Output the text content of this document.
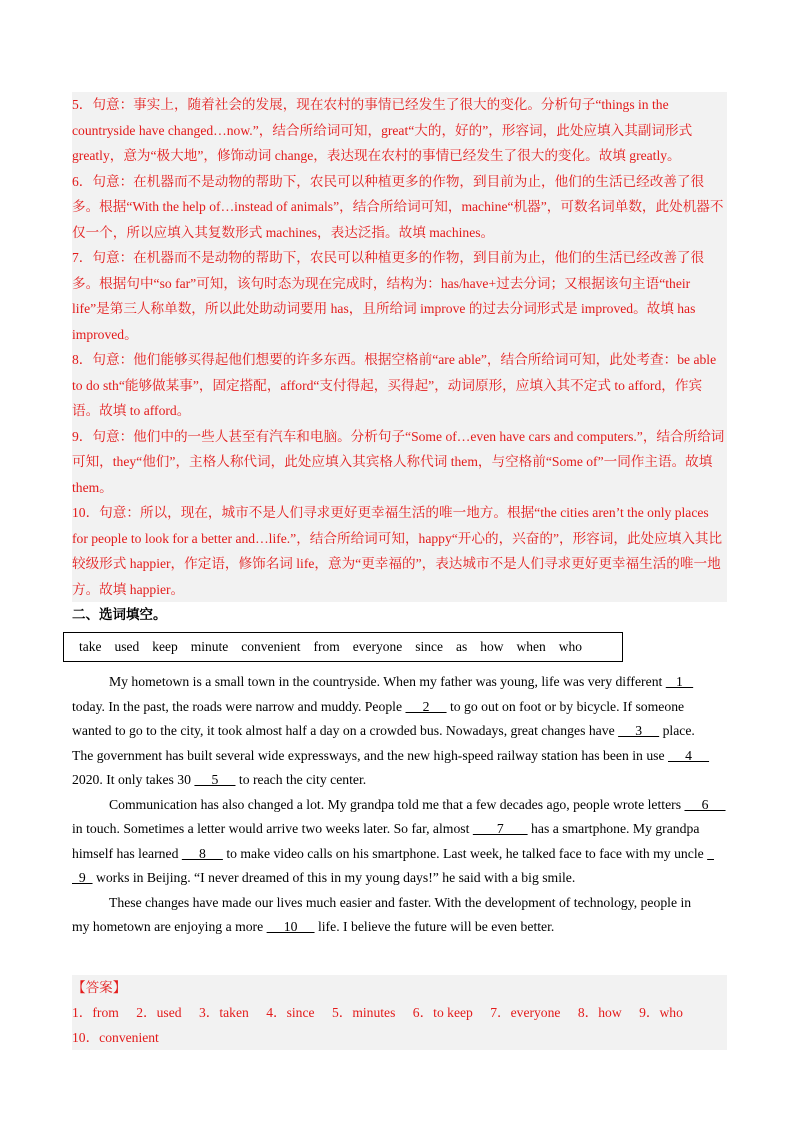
5．句意：事实上，随着社会的发展，现在农村的事情已经发生了很大的变化。分析句子“things in the countryside have changed…now.”，结合所给词可知，great“大的，好的”，形容词，此处应填入其副词形式 greatly，意为“极大地”，修饰动词 change，表达现在农村的事情已经发生了很大的变化。故填 greatly。

6．句意：在机器而不是动物的帮助下，农民可以种植更多的作物，到目前为止，他们的生活已经改善了很多。根据“With the help of…instead of animals”，结合所给词可知，machine“机器”，可数名词单数，此处机器不仅一个，所以应填入其复数形式 machines，表达泛指。故填 machines。

7．句意：在机器而不是动物的帮助下，农民可以种植更多的作物，到目前为止，他们的生活已经改善了很多。根据句中“so far”可知，该句时态为现在完成时，结构为：has/have+过去分词；又根据该句主语“their life”是第三人称单数，所以此处助动词要用 has，且所给词 improve 的过去分词形式是 improved。故填 has improved。

8．句意：他们能够买得起他们想要的许多东西。根据空格前“are able”，结合所给词可知，此处考查：be able to do sth“能够做某事”，固定搭配，afford“支付得起，买得起”，动词原形，应填入其不定式 to afford，作宾语。故填 to afford。

9．句意：他们中的一些人甚至有汽车和电脑。分析句子“Some of…even have cars and computers.”，结合所给词可知，they“他们”，主格人称代词，此处应填入其宾格人称代词 them，与空格前“Some of”一同作主语。故填 them。

10．句意：所以，现在，城市不是人们寻求更好更幸福生活的唯一地方。根据“the cities aren’t the only places for people to look for a better and…life.”，结合所给词可知，happy“开心的，兴奋的”，形容词，此处应填入其比较级形式 happier，作定语，修饰名词 life，意为“更幸福的”，表达城市不是人们寻求更好更幸福生活的唯一地方。故填 happier。

二、选词填空。
take used keep minute convenient from everyone since as how when who

My hometown is a small town in the countryside. When my father was young, life was very different    1

today. In the past, the roads were narrow and muddy. People      2      to go out on foot or by bicycle. If someone

wanted to go to the city, it took almost half a day on a crowded bus. Nowadays, great changes have      3      place.

The government has built several wide expressways, and the new high-speed railway station has been in use      4

2020. It only takes 30      5      to reach the city center.

Communication has also changed a lot. My grandpa told me that a few decades ago, people wrote letters      6

in touch. Sometimes a letter would arrive two weeks later. So far, almost        7        has a smartphone. My grandpa

himself has learned      8      to make video calls on his smartphone. Last week, he talked face to face with my uncle

9   works in Beijing. “I never dreamed of this in my young days!” he said with a big smile.

These changes have made our lives much easier and faster. With the development of technology, people in

my hometown are enjoying a more      10      life. I believe the future will be even better.

【答案】

1．from 2．used 3．taken 4．since 5．minutes 6．to keep 7．everyone 8．how 9．who 10．convenient
